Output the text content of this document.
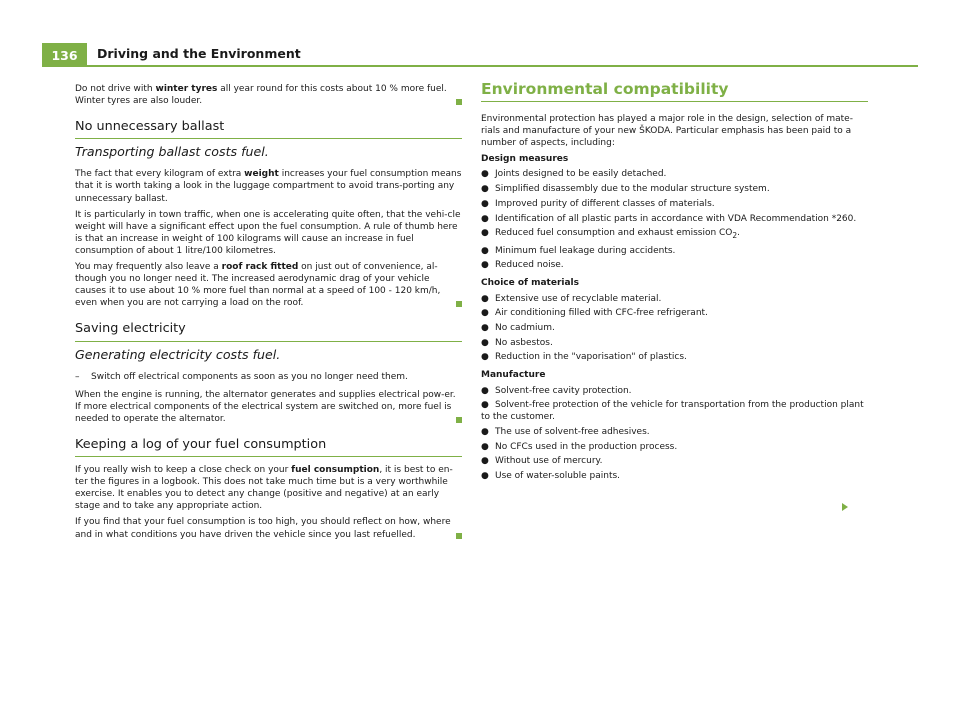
136	Driving and the Environment

Do not drive with winter tyres all year round for this costs about 10 % more fuel. Winter tyres are also louder.

No unnecessary ballast
Transporting ballast costs fuel.

The fact that every kilogram of extra weight increases your fuel consumption means that it is worth taking a look in the luggage compartment to avoid trans-porting any unnecessary ballast.

It is particularly in town traffic, when one is accelerating quite often, that the vehi-cle weight will have a significant effect upon the fuel consumption. A rule of thumb here is that an increase in weight of 100 kilograms will cause an increase in fuel consumption of about 1 litre/100 kilometres.

You may frequently also leave a roof rack fitted on just out of convenience, al-though you no longer need it. The increased aerodynamic drag of your vehicle causes it to use about 10 % more fuel than normal at a speed of 100 - 120 km/h, even when you are not carrying a load on the roof.

Saving electricity
Generating electricity costs fuel.
–	Switch off electrical components as soon as you no longer need them.

When the engine is running, the alternator generates and supplies electrical pow-er. If more electrical components of the electrical system are switched on, more fuel is needed to operate the alternator.

Keeping a log of your fuel consumption

If you really wish to keep a close check on your fuel consumption, it is best to en-ter the figures in a logbook. This does not take much time but is a very worthwhile exercise. It enables you to detect any change (positive and negative) at an early stage and to take any appropriate action.

If you find that your fuel consumption is too high, you should reflect on how, where and in what conditions you have driven the vehicle since you last refuelled.

Environmental compatibility

Environmental protection has played a major role in the design, selection of mate-rials and manufacture of your new ŠKODA. Particular emphasis has been paid to a number of aspects, including:

Design measures
● Joints designed to be easily detached.
● Simplified disassembly due to the modular structure system.
● Improved purity of different classes of materials.
● Identification of all plastic parts in accordance with VDA Recommendation *260.
● Reduced fuel consumption and exhaust emission $CO_2$.
● Minimum fuel leakage during accidents.
● Reduced noise.
Choice of materials
● Extensive use of recyclable material.
● Air conditioning filled with CFC-free refrigerant.
● No cadmium.
● No asbestos.
● Reduction in the "vaporisation" of plastics.
Manufacture
● Solvent-free cavity protection.
● Solvent-free protection of the vehicle for transportation from the production plant to the customer.
● The use of solvent-free adhesives.
● No CFCs used in the production process.
● Without use of mercury.
● Use of water-soluble paints.
